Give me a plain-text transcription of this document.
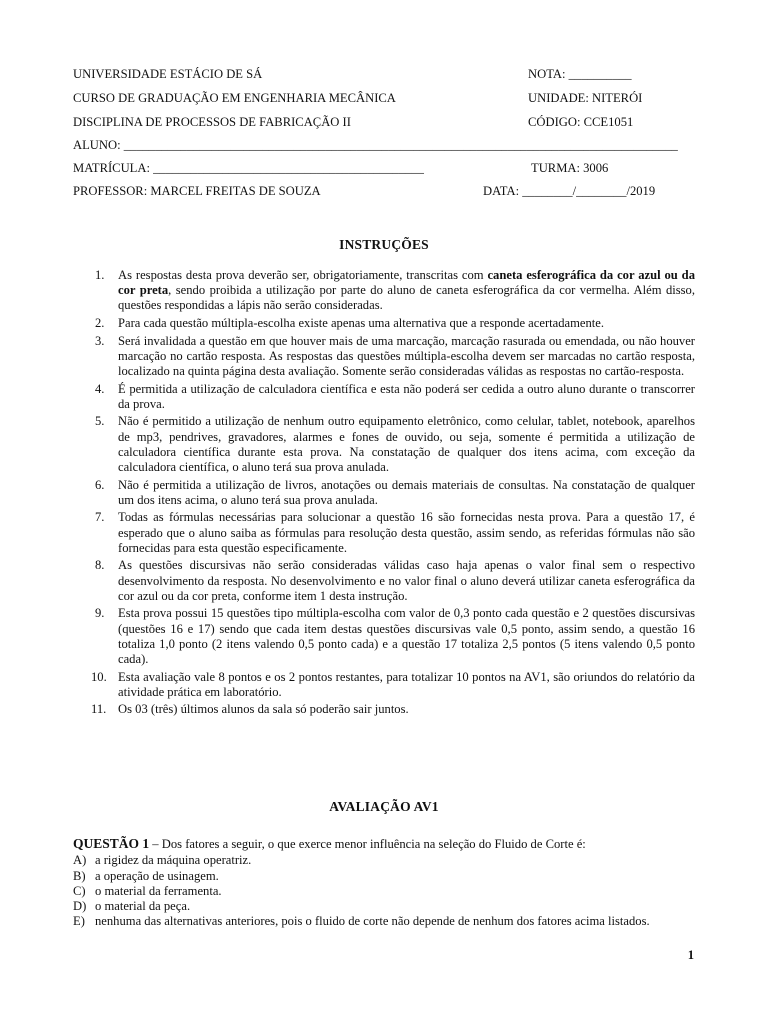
UNIVERSIDADE ESTÁCIO DE SÁ	NOTA: __________
CURSO DE GRADUAÇÃO EM ENGENHARIA MECÂNICA	UNIDADE: NITERÓI
DISCIPLINA DE PROCESSOS DE FABRICAÇÃO II	CÓDIGO: CCE1051
ALUNO: ________________________________________________________________________________________
MATRÍCULA: ___________________________________________	TURMA: 3006
PROFESSOR: MARCEL FREITAS DE SOUZA	DATA: ________/________/2019
INSTRUÇÕES
1. As respostas desta prova deverão ser, obrigatoriamente, transcritas com caneta esferográfica da cor azul ou da cor preta, sendo proibida a utilização por parte do aluno de caneta esferográfica da cor vermelha. Além disso, questões respondidas a lápis não serão consideradas.
2. Para cada questão múltipla-escolha existe apenas uma alternativa que a responde acertadamente.
3. Será invalidada a questão em que houver mais de uma marcação, marcação rasurada ou emendada, ou não houver marcação no cartão resposta. As respostas das questões múltipla-escolha devem ser marcadas no cartão resposta, localizado na quinta página desta avaliação. Somente serão consideradas válidas as respostas no cartão-resposta.
4. É permitida a utilização de calculadora científica e esta não poderá ser cedida a outro aluno durante o transcorrer da prova.
5. Não é permitido a utilização de nenhum outro equipamento eletrônico, como celular, tablet, notebook, aparelhos de mp3, pendrives, gravadores, alarmes e fones de ouvido, ou seja, somente é permitida a utilização de calculadora científica durante esta prova. Na constatação de qualquer dos itens acima, com exceção da calculadora científica, o aluno terá sua prova anulada.
6. Não é permitida a utilização de livros, anotações ou demais materiais de consultas. Na constatação de qualquer um dos itens acima, o aluno terá sua prova anulada.
7. Todas as fórmulas necessárias para solucionar a questão 16 são fornecidas nesta prova. Para a questão 17, é esperado que o aluno saiba as fórmulas para resolução desta questão, assim sendo, as referidas fórmulas não são fornecidas para esta questão especificamente.
8. As questões discursivas não serão consideradas válidas caso haja apenas o valor final sem o respectivo desenvolvimento da resposta. No desenvolvimento e no valor final o aluno deverá utilizar caneta esferográfica da cor azul ou da cor preta, conforme item 1 desta instrução.
9. Esta prova possui 15 questões tipo múltipla-escolha com valor de 0,3 ponto cada questão e 2 questões discursivas (questões 16 e 17) sendo que cada item destas questões discursivas vale 0,5 ponto, assim sendo, a questão 16 totaliza 1,0 ponto (2 itens valendo 0,5 ponto cada) e a questão 17 totaliza 2,5 pontos (5 itens valendo 0,5 ponto cada).
10. Esta avaliação vale 8 pontos e os 2 pontos restantes, para totalizar 10 pontos na AV1, são oriundos do relatório da atividade prática em laboratório.
11. Os 03 (três) últimos alunos da sala só poderão sair juntos.
AVALIAÇÃO AV1
QUESTÃO 1 – Dos fatores a seguir, o que exerce menor influência na seleção do Fluido de Corte é:
A) a rigidez da máquina operatriz.
B) a operação de usinagem.
C) o material da ferramenta.
D) o material da peça.
E) nenhuma das alternativas anteriores, pois o fluido de corte não depende de nenhum dos fatores acima listados.
1
